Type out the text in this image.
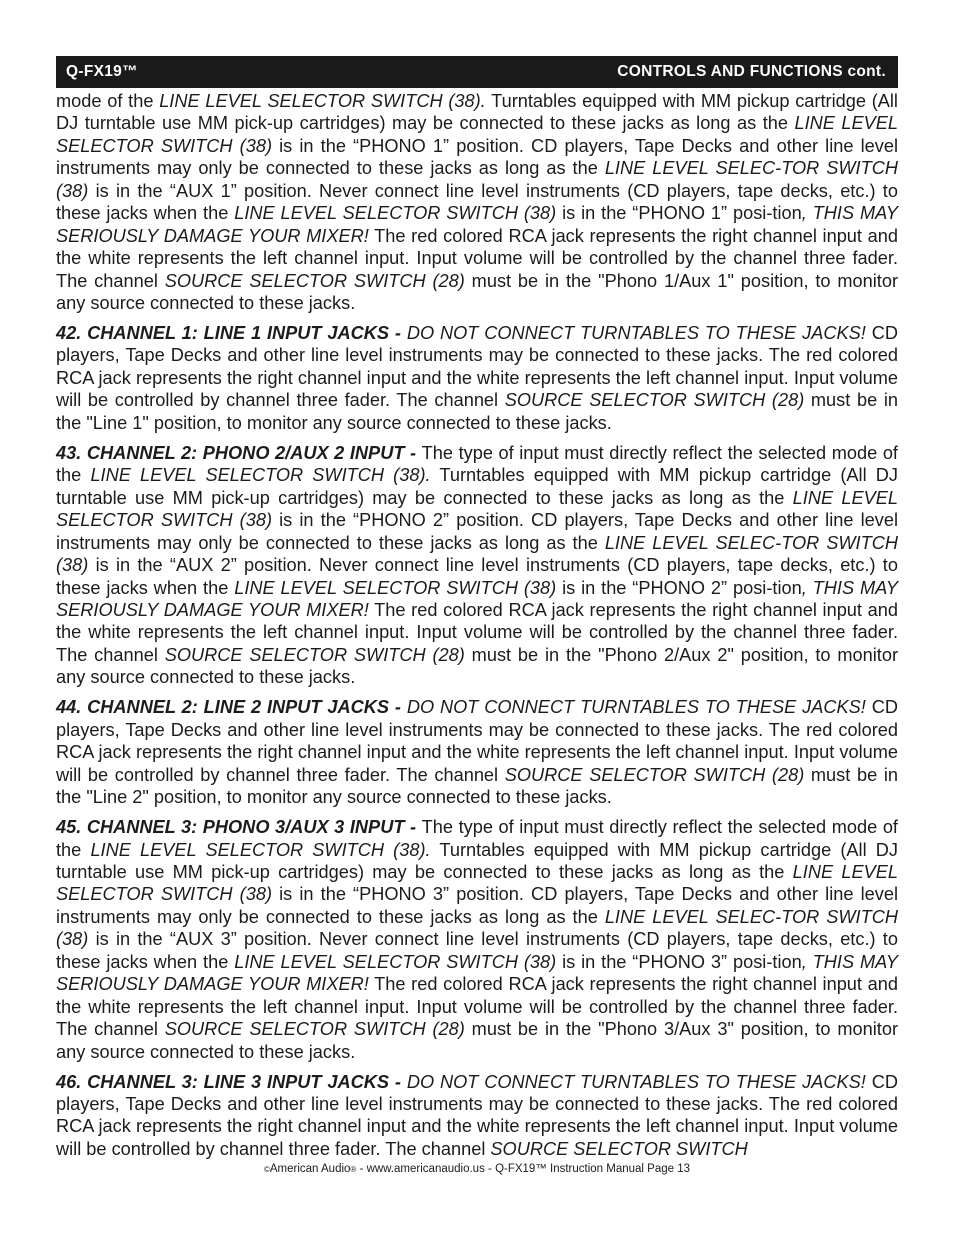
Q-FX19™	CONTROLS AND FUNCTIONS cont.

mode of the LINE LEVEL SELECTOR SWITCH (38). Turntables equipped with MM pickup cartridge (All DJ turntable use MM pick-up cartridges) may be connected to these jacks as long as the LINE LEVEL SELECTOR SWITCH (38) is in the “PHONO 1” position. CD players, Tape Decks and other line level instruments may only be connected to these jacks as long as the LINE LEVEL SELEC-TOR SWITCH (38) is in the “AUX 1” position. Never connect line level instruments (CD players, tape decks, etc.) to these jacks when the LINE LEVEL SELECTOR SWITCH (38) is in the “PHONO 1” posi-tion, THIS MAY SERIOUSLY DAMAGE YOUR MIXER! The red colored RCA jack represents the right channel input and the white represents the left channel input. Input volume will be controlled by the channel three fader. The channel SOURCE SELECTOR SWITCH (28) must be in the "Phono 1/Aux 1" position, to monitor any source connected to these jacks.

42. CHANNEL 1: LINE 1 INPUT JACKS - DO NOT CONNECT TURNTABLES TO THESE JACKS! CD players, Tape Decks and other line level instruments may be connected to these jacks. The red colored RCA jack represents the right channel input and the white represents the left channel input. Input volume will be controlled by channel three fader. The channel SOURCE SELECTOR SWITCH (28) must be in the "Line 1" position, to monitor any source connected to these jacks.

43. CHANNEL 2: PHONO 2/AUX 2 INPUT - The type of input must directly reflect the selected mode of the LINE LEVEL SELECTOR SWITCH (38). Turntables equipped with MM pickup cartridge (All DJ turntable use MM pick-up cartridges) may be connected to these jacks as long as the LINE LEVEL SELECTOR SWITCH (38) is in the “PHONO 2” position. CD players, Tape Decks and other line level instruments may only be connected to these jacks as long as the LINE LEVEL SELEC-TOR SWITCH (38) is in the “AUX 2” position. Never connect line level instruments (CD players, tape decks, etc.) to these jacks when the LINE LEVEL SELECTOR SWITCH (38) is in the “PHONO 2” posi-tion, THIS MAY SERIOUSLY DAMAGE YOUR MIXER! The red colored RCA jack represents the right channel input and the white represents the left channel input. Input volume will be controlled by the channel three fader. The channel SOURCE SELECTOR SWITCH (28) must be in the "Phono 2/Aux 2" position, to monitor any source connected to these jacks.

44. CHANNEL 2: LINE 2 INPUT JACKS - DO NOT CONNECT TURNTABLES TO THESE JACKS! CD players, Tape Decks and other line level instruments may be connected to these jacks. The red colored RCA jack represents the right channel input and the white represents the left channel input. Input volume will be controlled by channel three fader. The channel SOURCE SELECTOR SWITCH (28) must be in the "Line 2" position, to monitor any source connected to these jacks.

45. CHANNEL 3: PHONO 3/AUX 3 INPUT - The type of input must directly reflect the selected mode of the LINE LEVEL SELECTOR SWITCH (38). Turntables equipped with MM pickup cartridge (All DJ turntable use MM pick-up cartridges) may be connected to these jacks as long as the LINE LEVEL SELECTOR SWITCH (38) is in the “PHONO 3” position. CD players, Tape Decks and other line level instruments may only be connected to these jacks as long as the LINE LEVEL SELEC-TOR SWITCH (38) is in the “AUX 3” position. Never connect line level instruments (CD players, tape decks, etc.) to these jacks when the LINE LEVEL SELECTOR SWITCH (38) is in the “PHONO 3” posi-tion, THIS MAY SERIOUSLY DAMAGE YOUR MIXER! The red colored RCA jack represents the right channel input and the white represents the left channel input. Input volume will be controlled by the channel three fader. The channel SOURCE SELECTOR SWITCH (28) must be in the "Phono 3/Aux 3" position, to monitor any source connected to these jacks.

46. CHANNEL 3: LINE 3 INPUT JACKS - DO NOT CONNECT TURNTABLES TO THESE JACKS! CD players, Tape Decks and other line level instruments may be connected to these jacks. The red colored RCA jack represents the right channel input and the white represents the left channel input. Input volume will be controlled by channel three fader. The channel SOURCE SELECTOR SWITCH

©American Audio® - www.americanaudio.us - Q-FX19™ Instruction Manual Page 13
